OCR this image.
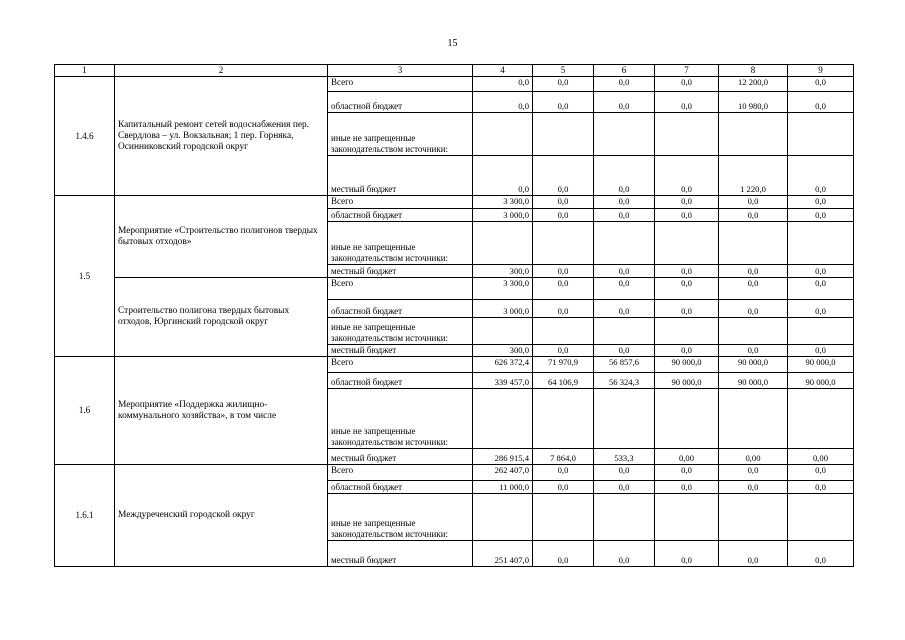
15
1	2	3	4	5	6	7	8	9
1.4.6	Капитальный ремонт сетей водоснабжения пер. Свердлова – ул. Вокзальная; 1 пер. Горняка, Осинниковский городской округ	Всего	0,0	0,0	0,0	0,0	12 200,0	0,0
		областной бюджет	0,0	0,0	0,0	0,0	10 980,0	0,0
		иные не запрещенные законодательством источники:						
		местный бюджет	0,0	0,0	0,0	0,0	1 220,0	0,0
1.5	Мероприятие «Строительство полигонов твердых бытовых отходов»	Всего	3 300,0	0,0	0,0	0,0	0,0	0,0
		областной бюджет	3 000,0	0,0	0,0	0,0	0,0	0,0
		иные не запрещенные законодательством источники:						
		местный бюджет	300,0	0,0	0,0	0,0	0,0	0,0
	Строительство полигона твердых бытовых отходов, Юргинский городской округ	Всего	3 300,0	0,0	0,0	0,0	0,0	0,0
		областной бюджет	3 000,0	0,0	0,0	0,0	0,0	0,0
		иные не запрещенные законодательством источники:						
		местный бюджет	300,0	0,0	0,0	0,0	0,0	0,0
1.6	Мероприятие «Поддержка жилищно-коммунального хозяйства», в том числе	Всего	626 372,4	71 970,9	56 857,6	90 000,0	90 000,0	90 000,0
		областной бюджет	339 457,0	64 106,9	56 324,3	90 000,0	90 000,0	90 000,0
		иные не запрещенные законодательством источники:						
		местный бюджет	286 915,4	7 864,0	533,3	0,00	0,00	0,00
1.6.1	Междуреченский городской округ	Всего	262 407,0	0,0	0,0	0,0	0,0	0,0
		областной бюджет	11 000,0	0,0	0,0	0,0	0,0	0,0
		иные не запрещенные законодательством источники:						
		местный бюджет	251 407,0	0,0	0,0	0,0	0,0	0,0
